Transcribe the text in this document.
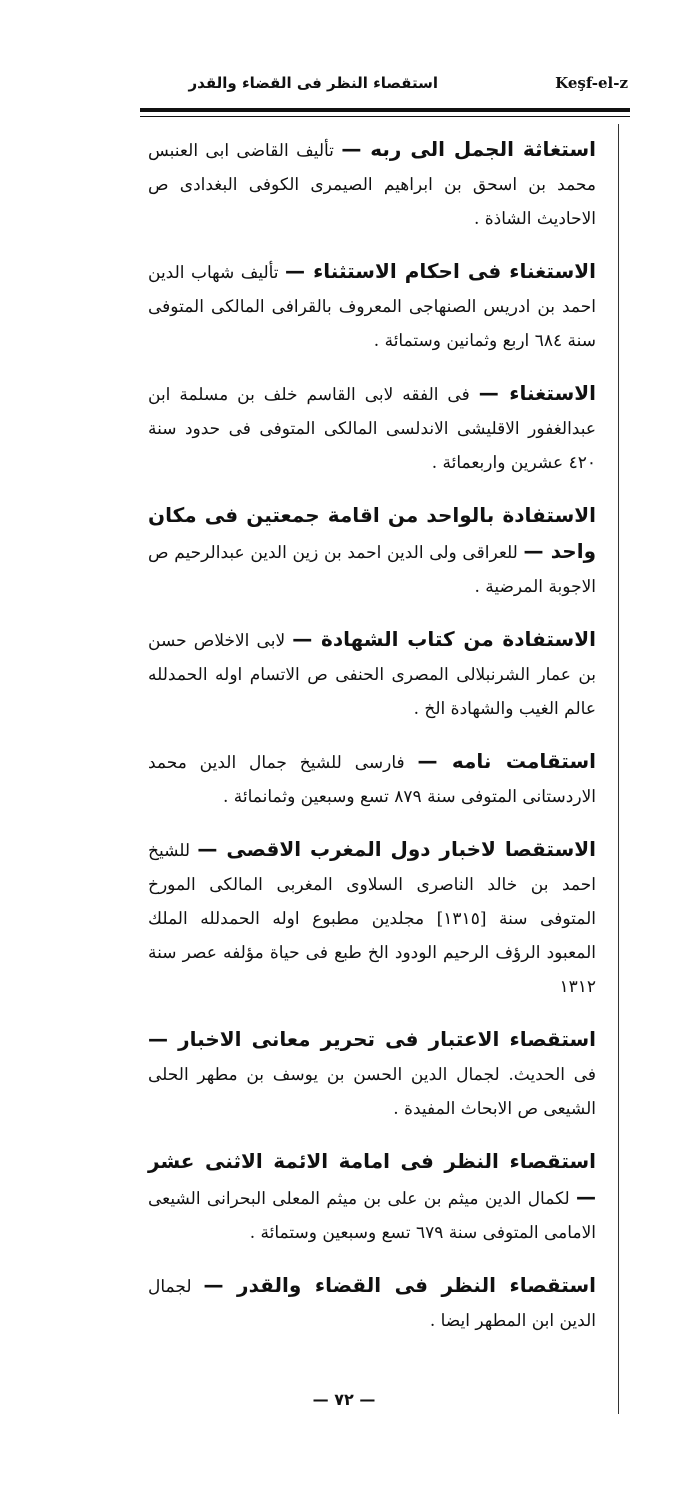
استقصاء النظر فى القضاء والقدر	Keşf-el-z

استغاثة الجمل الى ربه — تأليف القاضى ابى العنبس محمد بن اسحق بن ابراهيم الصيمرى الكوفى البغدادى ص الاحاديث الشاذة .

الاستغناء فى احكام الاستثناء — تأليف شهاب الدين احمد بن ادريس الصنهاجى المعروف بالقرافى المالكى المتوفى سنة ٦٨٤ اربع وثمانين وستمائة .

الاستغناء — فى الفقه لابى القاسم خلف بن مسلمة ابن عبدالغفور الاقليشى الاندلسى المالكى المتوفى فى حدود سنة ٤٢٠ عشرين واربعمائة .

الاستفادة بالواحد من اقامة جمعتين فى مكان واحد — للعراقى ولى الدين احمد بن زين الدين عبدالرحيم ص الاجوبة المرضية .

الاستفادة من كتاب الشهادة — لابى الاخلاص حسن بن عمار الشرنبلالى المصرى الحنفى ص الاتسام اوله الحمدلله عالم الغيب والشهادة الخ .

استقامت نامه — فارسى للشيخ جمال الدين محمد الاردستانى المتوفى سنة ٨٧٩ تسع وسبعين وثمانمائة .

الاستقصا لاخبار دول المغرب الاقصى — للشيخ احمد بن خالد الناصرى السلاوى المغربى المالكى المورخ المتوفى سنة [١٣١٥] مجلدين مطبوع اوله الحمدلله الملك المعبود الرؤف الرحيم الودود الخ طبع فى حياة مؤلفه عصر سنة ١٣١٢

استقصاء الاعتبار فى تحرير معانى الاخبار — فى الحديث. لجمال الدين الحسن بن يوسف بن مطهر الحلى الشيعى ص الابحاث المفيدة .

استقصاء النظر فى امامة الائمة الاثنى عشر — لكمال الدين ميثم بن على بن ميثم المعلى البحرانى الشيعى الامامى المتوفى سنة ٦٧٩ تسع وسبعين وستمائة .

استقصاء النظر فى القضاء والقدر — لجمال الدين ابن المطهر ايضا .

— ٧٢ —
